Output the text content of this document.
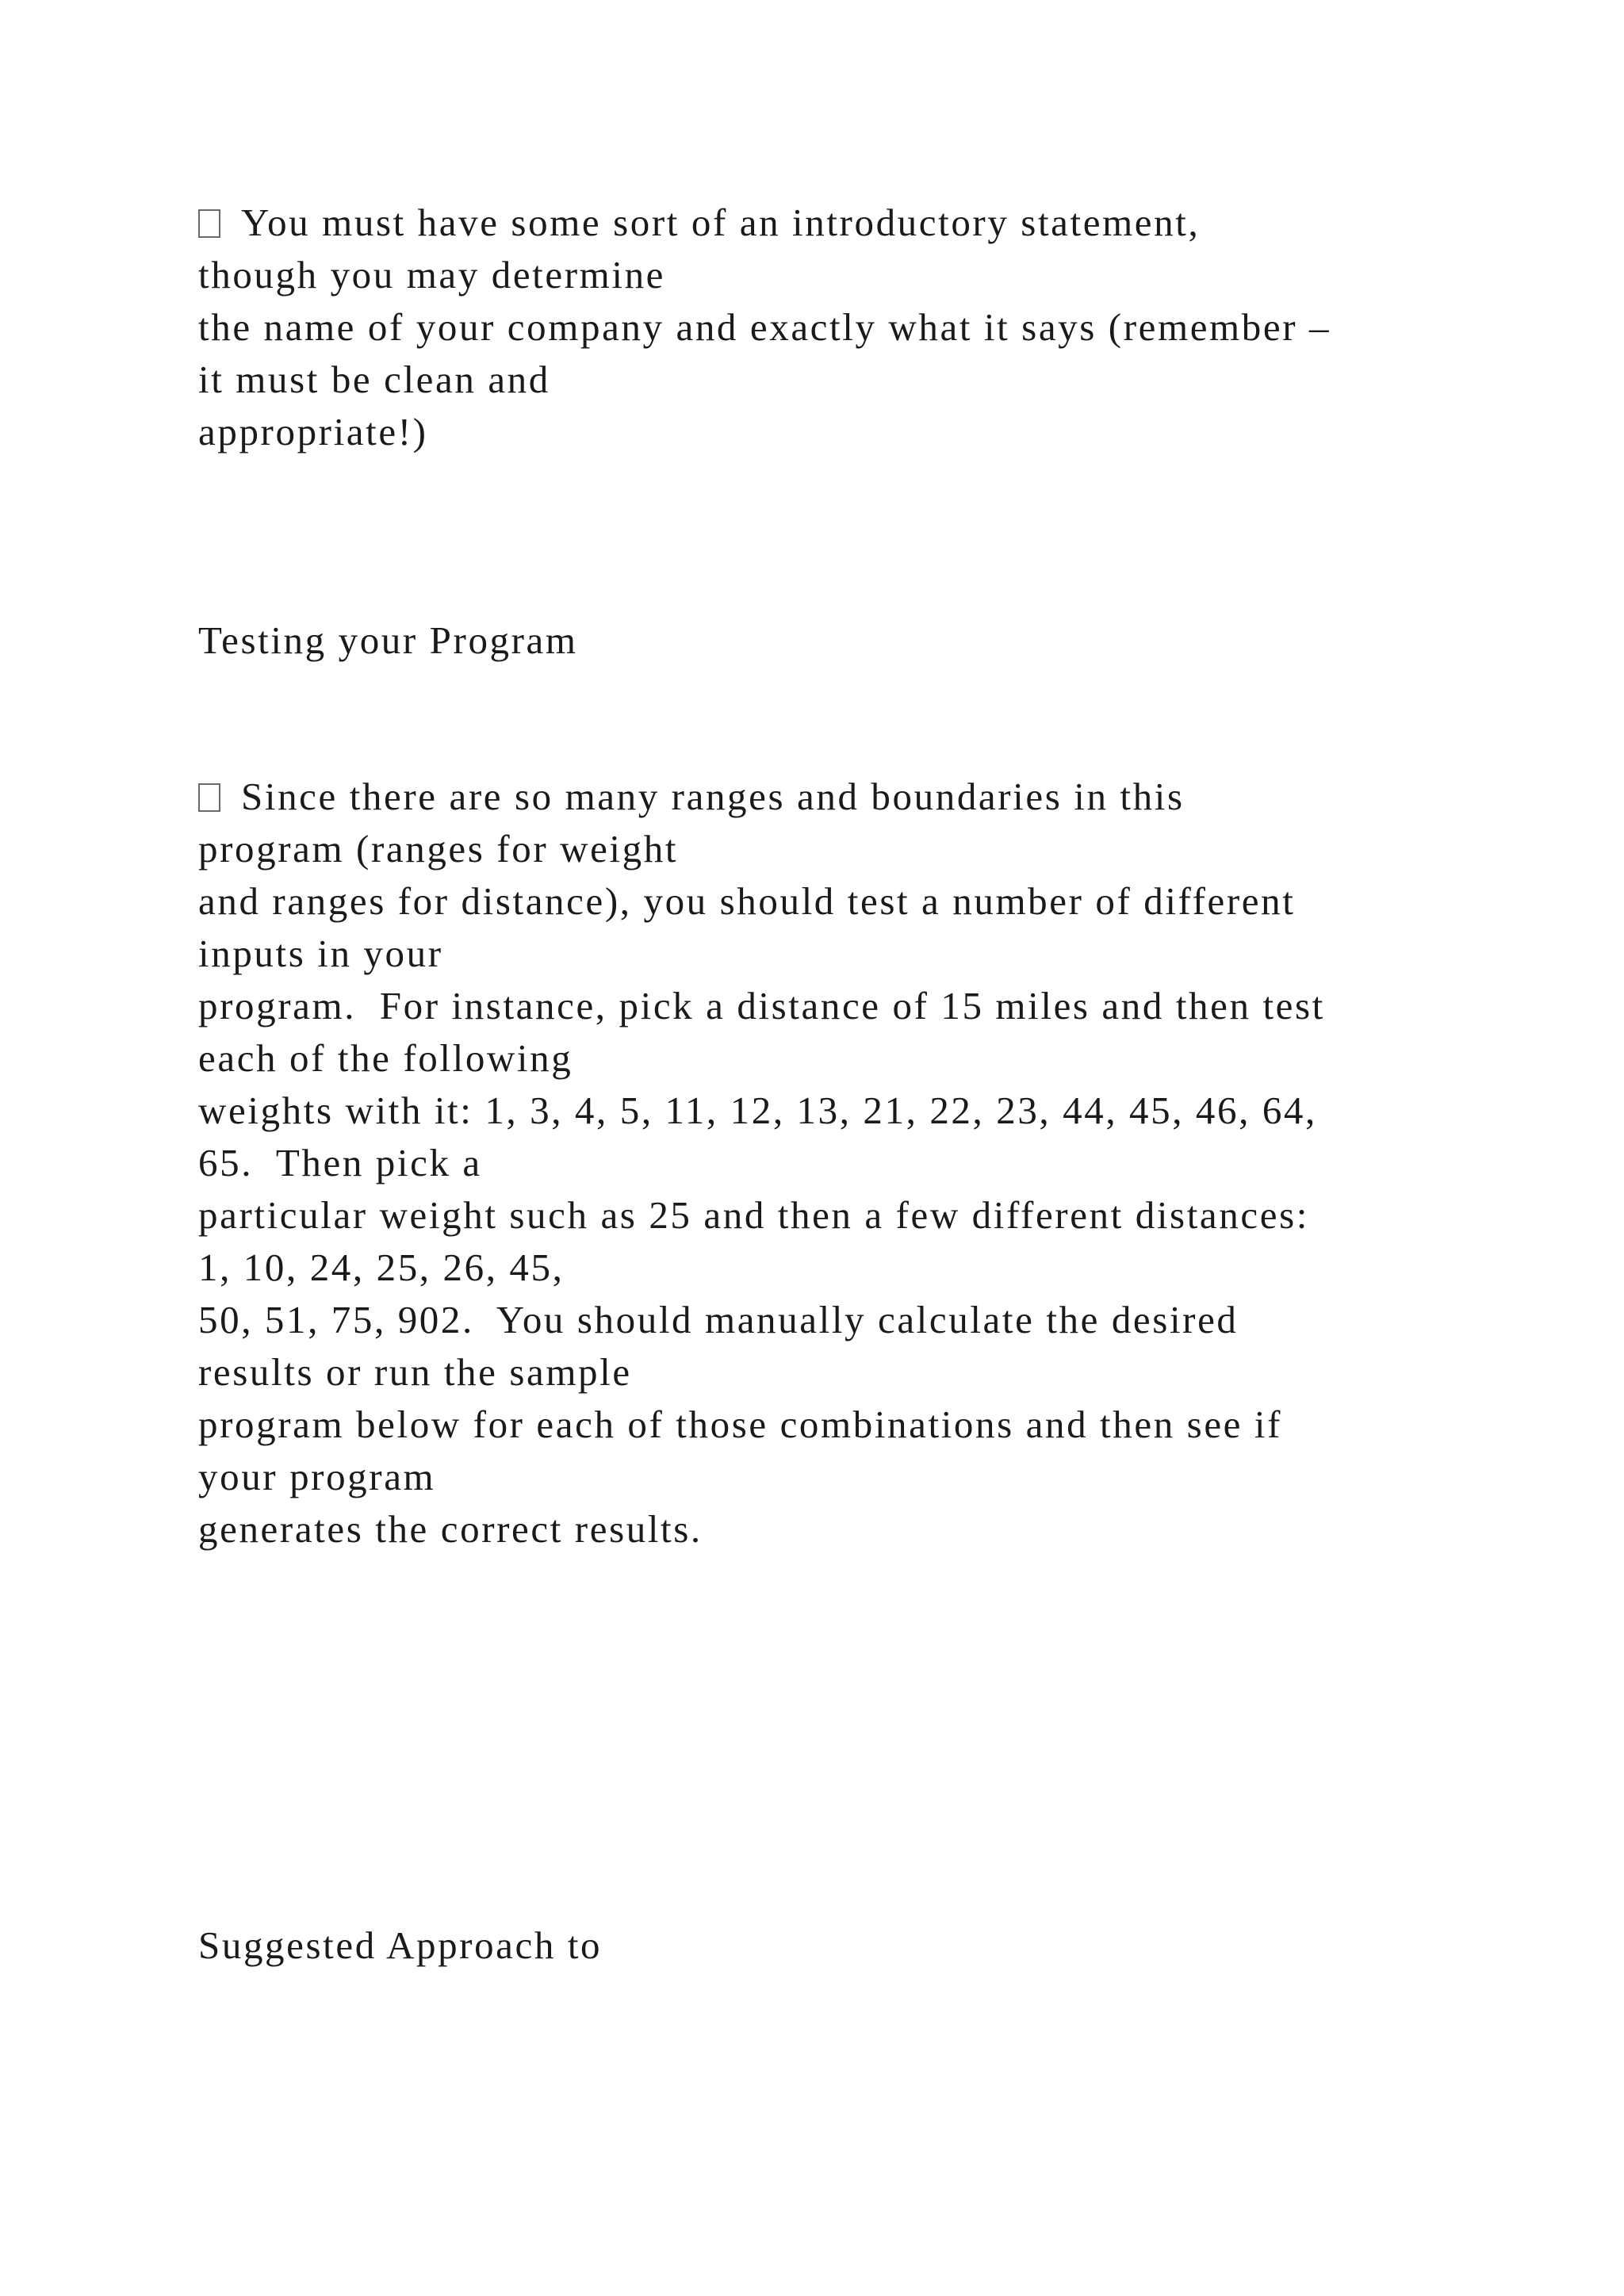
You must have some sort of an introductory statement,

though you may determine

the name of your company and exactly what it says (remember –

it must be clean and

appropriate!)

Testing your Program

Since there are so many ranges and boundaries in this

program (ranges for weight

and ranges for distance), you should test a number of different

inputs in your

program.  For instance, pick a distance of 15 miles and then test

each of the following

weights with it: 1, 3, 4, 5, 11, 12, 13, 21, 22, 23, 44, 45, 46, 64,

65.  Then pick a

particular weight such as 25 and then a few different distances:

1, 10, 24, 25, 26, 45,

50, 51, 75, 902.  You should manually calculate the desired

results or run the sample

program below for each of those combinations and then see if

your program

generates the correct results.

Suggested Approach to
